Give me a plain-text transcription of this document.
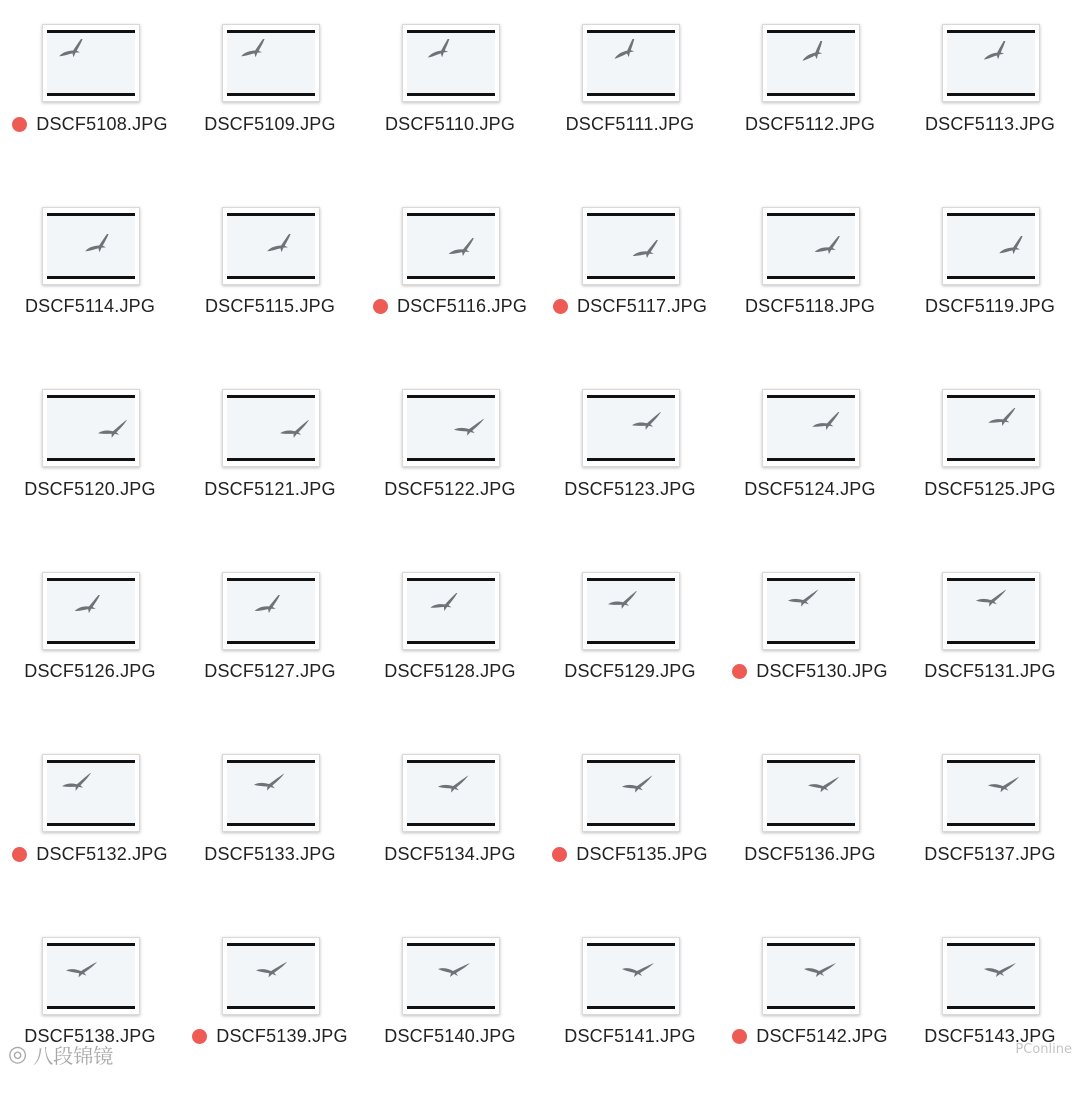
DSCF5108.JPG DSCF5109.JPG	DSCF5110.JPG	DSCF5111.JPG	DSCF5112.JPG	DSCF5113.JPG
DSCF5114.JPG	DSCF5115.JPG	DSCF5116.JPG	DSCF5117.JPG DSCF5118.JPG	DSCF5119.JPG
DSCF5120.JPG	DSCF5121.JPG	DSCF5122.JPG	DSCF5123.JPG	DSCF5124.JPG	DSCF5125.JPG
DSCF5126.JPG	DSCF5127.JPG	DSCF5128.JPG	DSCF5129.JPG	DSCF5130.JPG DSCF5131.JPG
DSCF5132.JPG DSCF5133.JPG	DSCF5134.JPG	DSCF5135.JPG DSCF5136.JPG	DSCF5137.JPG
DSCF5138.JPG	DSCF5139.JPG DSCF5140.JPG	DSCF5141.JPG	DSCF5142.JPG DSCF5143.JPG
◎ 八段锦镜	PConline
